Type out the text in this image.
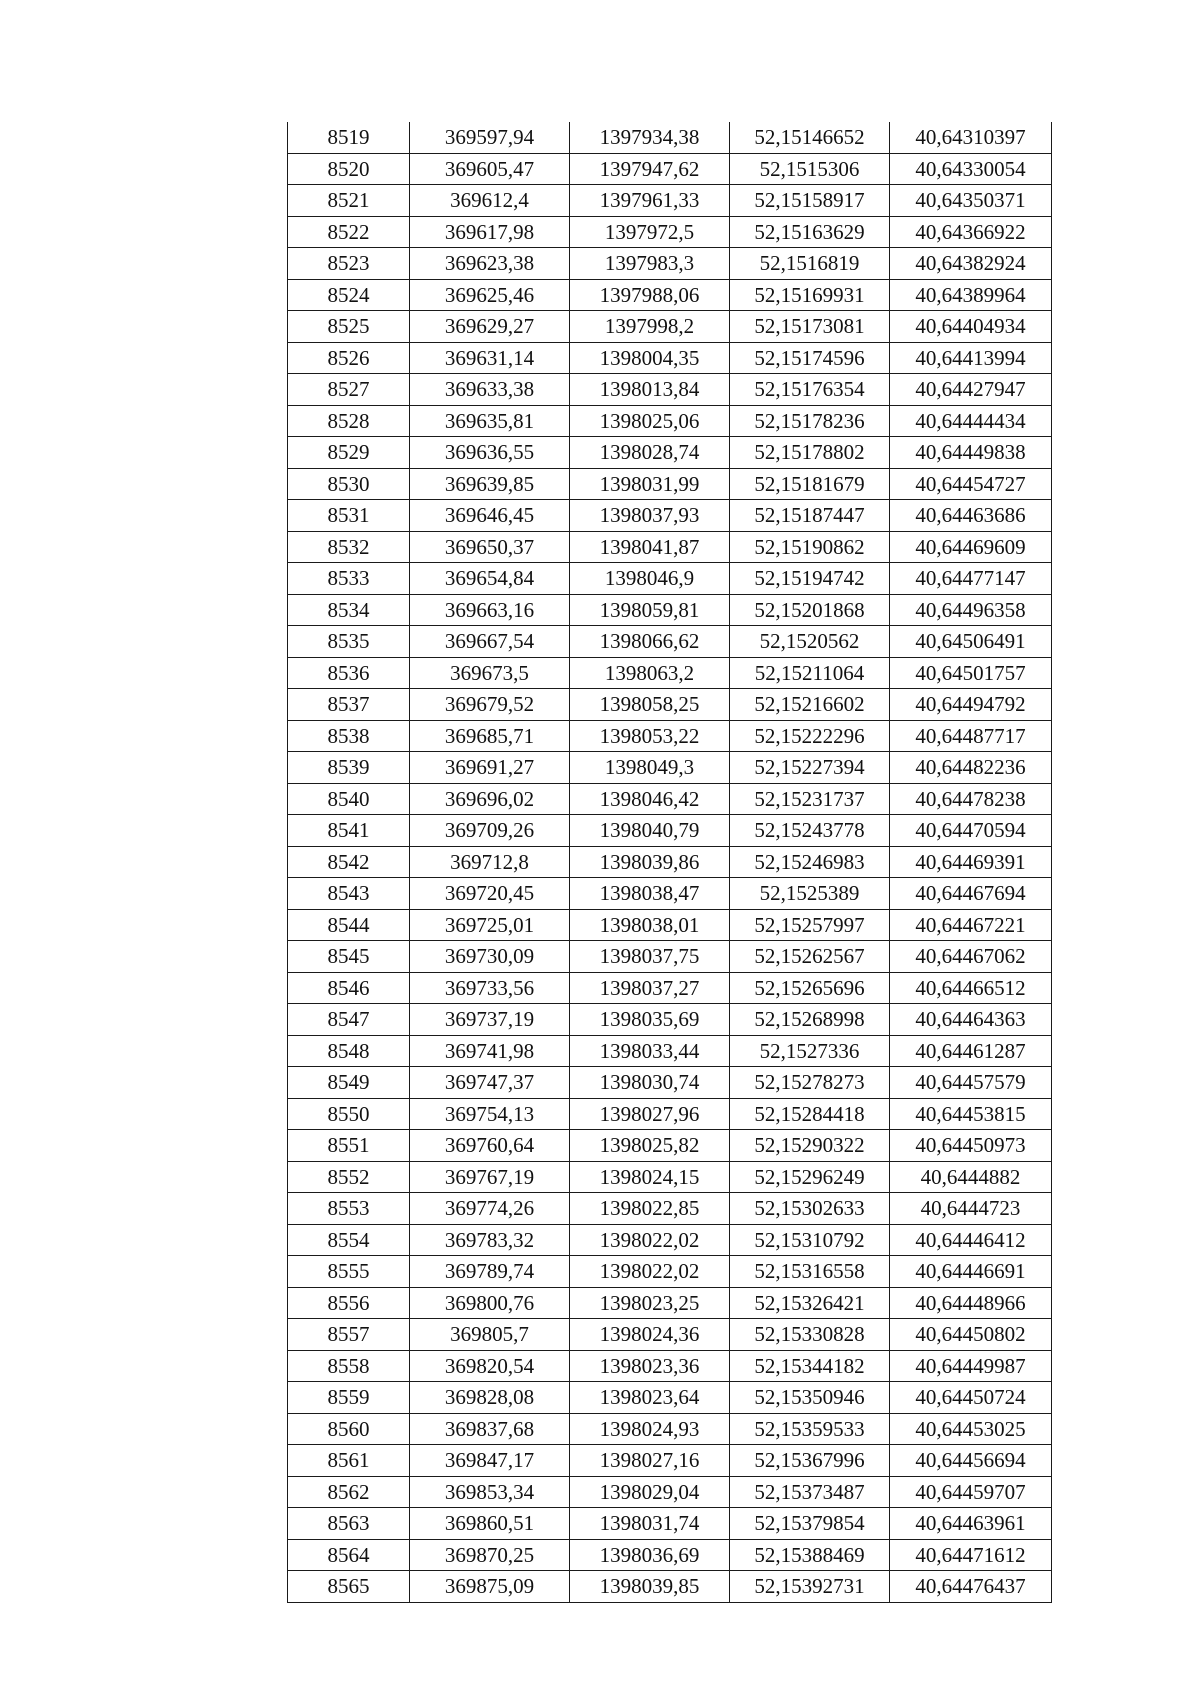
8519	369597,94	1397934,38	52,15146652	40,64310397
8520	369605,47	1397947,62	52,1515306	40,64330054
8521	369612,4	1397961,33	52,15158917	40,64350371
8522	369617,98	1397972,5	52,15163629	40,64366922
8523	369623,38	1397983,3	52,1516819	40,64382924
8524	369625,46	1397988,06	52,15169931	40,64389964
8525	369629,27	1397998,2	52,15173081	40,64404934
8526	369631,14	1398004,35	52,15174596	40,64413994
8527	369633,38	1398013,84	52,15176354	40,64427947
8528	369635,81	1398025,06	52,15178236	40,64444434
8529	369636,55	1398028,74	52,15178802	40,64449838
8530	369639,85	1398031,99	52,15181679	40,64454727
8531	369646,45	1398037,93	52,15187447	40,64463686
8532	369650,37	1398041,87	52,15190862	40,64469609
8533	369654,84	1398046,9	52,15194742	40,64477147
8534	369663,16	1398059,81	52,15201868	40,64496358
8535	369667,54	1398066,62	52,1520562	40,64506491
8536	369673,5	1398063,2	52,15211064	40,64501757
8537	369679,52	1398058,25	52,15216602	40,64494792
8538	369685,71	1398053,22	52,15222296	40,64487717
8539	369691,27	1398049,3	52,15227394	40,64482236
8540	369696,02	1398046,42	52,15231737	40,64478238
8541	369709,26	1398040,79	52,15243778	40,64470594
8542	369712,8	1398039,86	52,15246983	40,64469391
8543	369720,45	1398038,47	52,1525389	40,64467694
8544	369725,01	1398038,01	52,15257997	40,64467221
8545	369730,09	1398037,75	52,15262567	40,64467062
8546	369733,56	1398037,27	52,15265696	40,64466512
8547	369737,19	1398035,69	52,15268998	40,64464363
8548	369741,98	1398033,44	52,1527336	40,64461287
8549	369747,37	1398030,74	52,15278273	40,64457579
8550	369754,13	1398027,96	52,15284418	40,64453815
8551	369760,64	1398025,82	52,15290322	40,64450973
8552	369767,19	1398024,15	52,15296249	40,6444882
8553	369774,26	1398022,85	52,15302633	40,6444723
8554	369783,32	1398022,02	52,15310792	40,64446412
8555	369789,74	1398022,02	52,15316558	40,64446691
8556	369800,76	1398023,25	52,15326421	40,64448966
8557	369805,7	1398024,36	52,15330828	40,64450802
8558	369820,54	1398023,36	52,15344182	40,64449987
8559	369828,08	1398023,64	52,15350946	40,64450724
8560	369837,68	1398024,93	52,15359533	40,64453025
8561	369847,17	1398027,16	52,15367996	40,64456694
8562	369853,34	1398029,04	52,15373487	40,64459707
8563	369860,51	1398031,74	52,15379854	40,64463961
8564	369870,25	1398036,69	52,15388469	40,64471612
8565	369875,09	1398039,85	52,15392731	40,64476437
